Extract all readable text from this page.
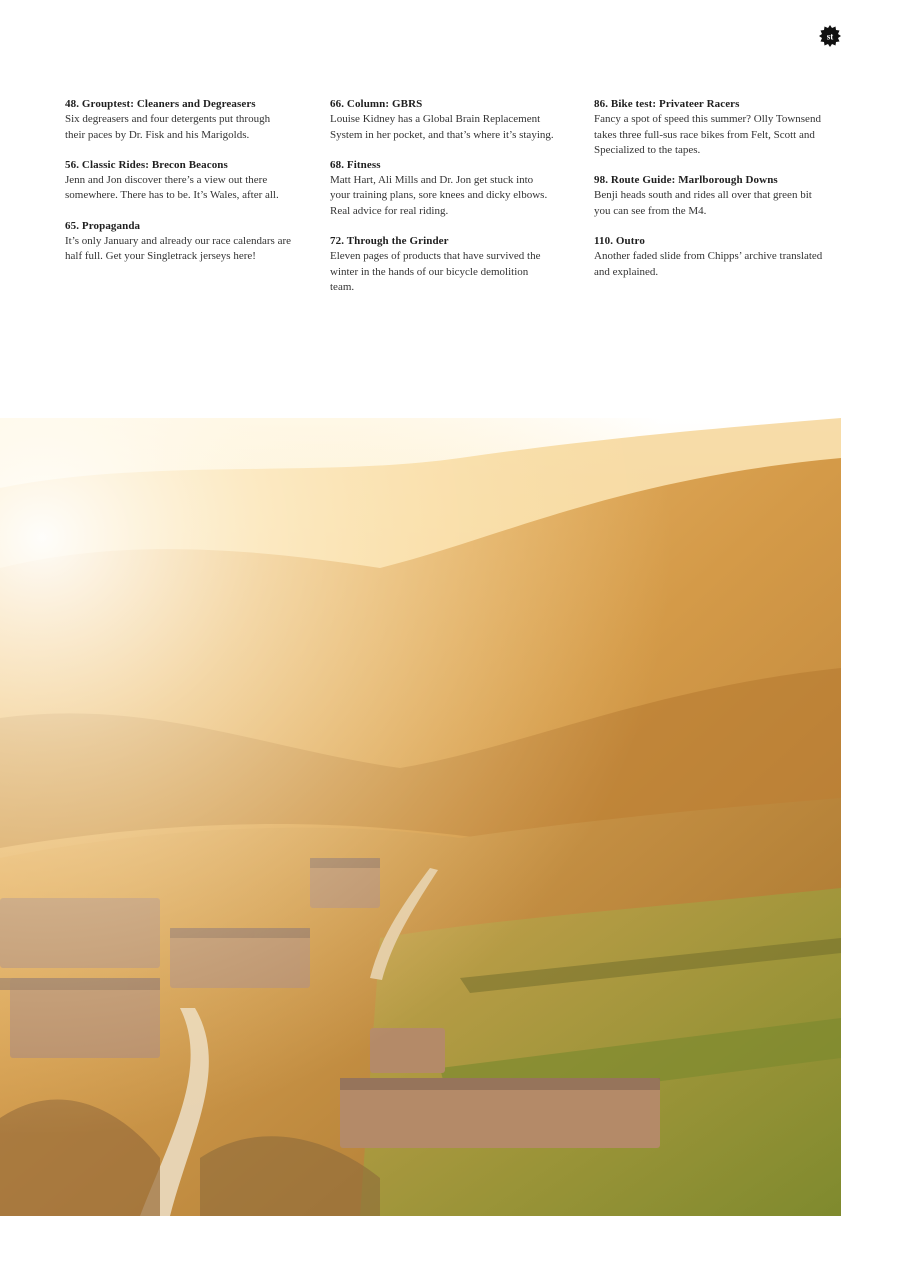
st
48. Grouptest: Cleaners and Degreasers
Six degreasers and four detergents put through
their paces by Dr. Fisk and his Marigolds.
56. Classic Rides: Brecon Beacons
Jenn and Jon discover there’s a view out there
somewhere. There has to be. It’s Wales, after all.
65. Propaganda
It’s only January and already our race calendars are
half full. Get your Singletrack jerseys here!
66. Column: GBRS
Louise Kidney has a Global Brain Replacement
System in her pocket, and that’s where it’s staying.
68. Fitness
Matt Hart, Ali Mills and Dr. Jon get stuck into
your training plans, sore knees and dicky elbows.
Real advice for real riding.
72. Through the Grinder
Eleven pages of products that have survived the
winter in the hands of our bicycle demolition
team.
86. Bike test: Privateer Racers
Fancy a spot of speed this summer? Olly Townsend
takes three full-sus race bikes from Felt, Scott and
Specialized to the tapes.
98. Route Guide: Marlborough Downs
Benji heads south and rides all over that green bit
you can see from the M4.
110. Outro
Another faded slide from Chipps’ archive translated
and explained.
